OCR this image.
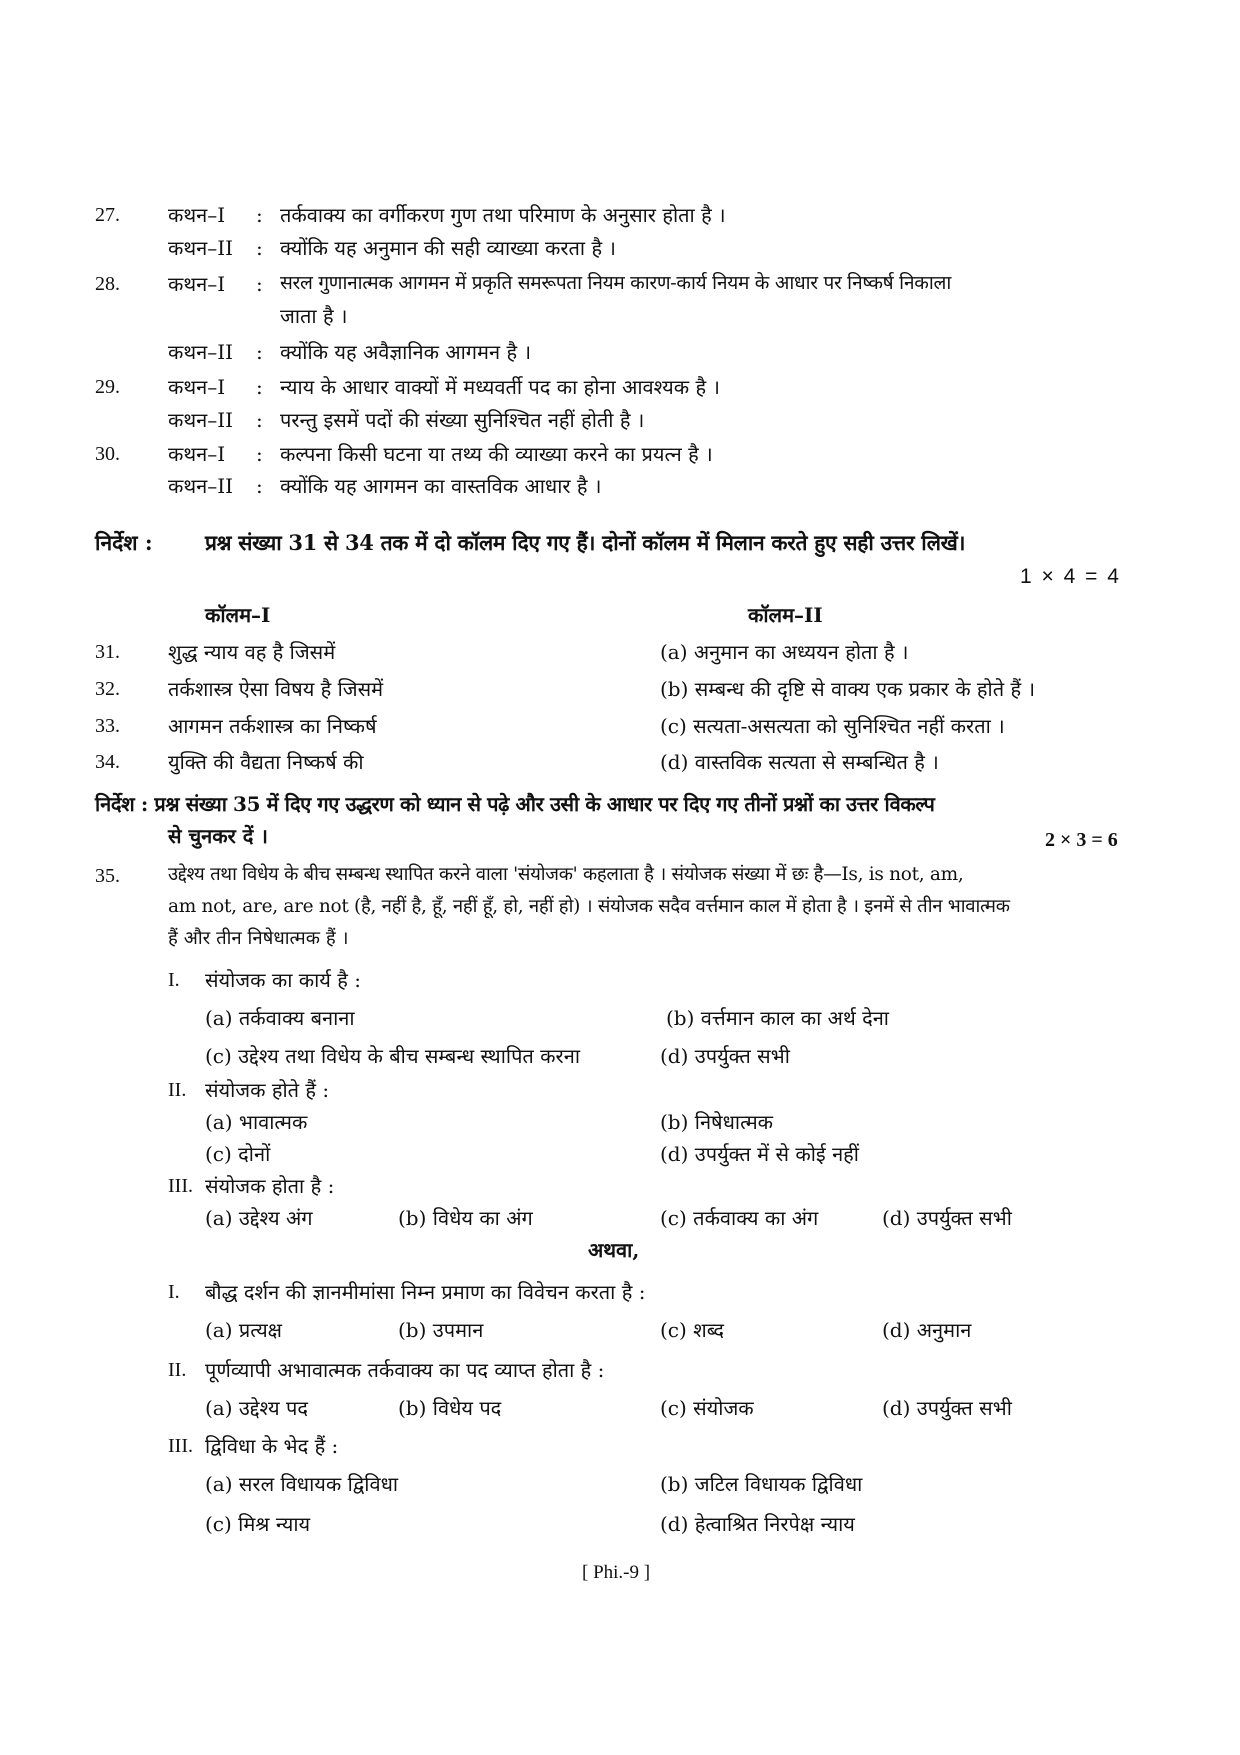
27. कथन–I : तर्कवाक्य का वर्गीकरण गुण तथा परिमाण के अनुसार होता है ।
कथन–II : क्योंकि यह अनुमान की सही व्याख्या करता है ।
28. कथन–I : सरल गुणानात्मक आगमन में प्रकृति समरूपता नियम कारण-कार्य नियम के आधार पर निष्कर्ष निकाला
जाता है ।
कथन–II : क्योंकि यह अवैज्ञानिक आगमन है ।
29. कथन–I : न्याय के आधार वाक्यों में मध्यवर्ती पद का होना आवश्यक है ।
कथन–II : परन्तु इसमें पदों की संख्या सुनिश्चित नहीं होती है ।
30. कथन–I : कल्पना किसी घटना या तथ्य की व्याख्या करने का प्रयत्न है ।
कथन–II : क्योंकि यह आगमन का वास्तविक आधार है ।
निर्देश : प्रश्न संख्या 31 से 34 तक में दो कॉलम दिए गए हैं। दोनों कॉलम में मिलान करते हुए सही उत्तर लिखें।
1 × 4 = 4
कॉलम–I	कॉलम–II
31. शुद्ध न्याय वह है जिसमें	(a) अनुमान का अध्ययन होता है ।
32. तर्कशास्त्र ऐसा विषय है जिसमें	(b) सम्बन्ध की दृष्टि से वाक्य एक प्रकार के होते हैं ।
33. आगमन तर्कशास्त्र का निष्कर्ष	(c) सत्यता-असत्यता को सुनिश्चित नहीं करता ।
34. युक्ति की वैद्यता निष्कर्ष की	(d) वास्तविक सत्यता से सम्बन्धित है ।
निर्देश : प्रश्न संख्या 35 में दिए गए उद्धरण को ध्यान से पढ़े और उसी के आधार पर दिए गए तीनों प्रश्नों का उत्तर विकल्प
से चुनकर दें ।	2 × 3 = 6
35.	उद्देश्य तथा विधेय के बीच सम्बन्ध स्थापित करने वाला 'संयोजक' कहलाता है । संयोजक संख्या में छः है—Is, is not, am,
am not, are, are not (है, नहीं है, हूँ, नहीं हूँ, हो, नहीं हो) । संयोजक सदैव वर्त्तमान काल में होता है । इनमें से तीन भावात्मक
हैं और तीन निषेधात्मक हैं ।
I. संयोजक का कार्य है :
(a) तर्कवाक्य बनाना	(b) वर्त्तमान काल का अर्थ देना
(c) उद्देश्य तथा विधेय के बीच सम्बन्ध स्थापित करना	(d) उपर्युक्त सभी
II. संयोजक होते हैं :
(a) भावात्मक	(b) निषेधात्मक
(c) दोनों	(d) उपर्युक्त में से कोई नहीं
III. संयोजक होता है :
(a) उद्देश्य अंग	(b) विधेय का अंग	(c) तर्कवाक्य का अंग	(d) उपर्युक्त सभी
अथवा,
I. बौद्ध दर्शन की ज्ञानमीमांसा निम्न प्रमाण का विवेचन करता है :
(a) प्रत्यक्ष	(b) उपमान	(c) शब्द	(d) अनुमान
II. पूर्णव्यापी अभावात्मक तर्कवाक्य का पद व्याप्त होता है :
(a) उद्देश्य पद	(b) विधेय पद	(c) संयोजक	(d) उपर्युक्त सभी
III. द्विविधा के भेद हैं :
(a) सरल विधायक द्विविधा	(b) जटिल विधायक द्विविधा
(c) मिश्र न्याय	(d) हेत्वाश्रित निरपेक्ष न्याय
[ Phi.-9 ]
